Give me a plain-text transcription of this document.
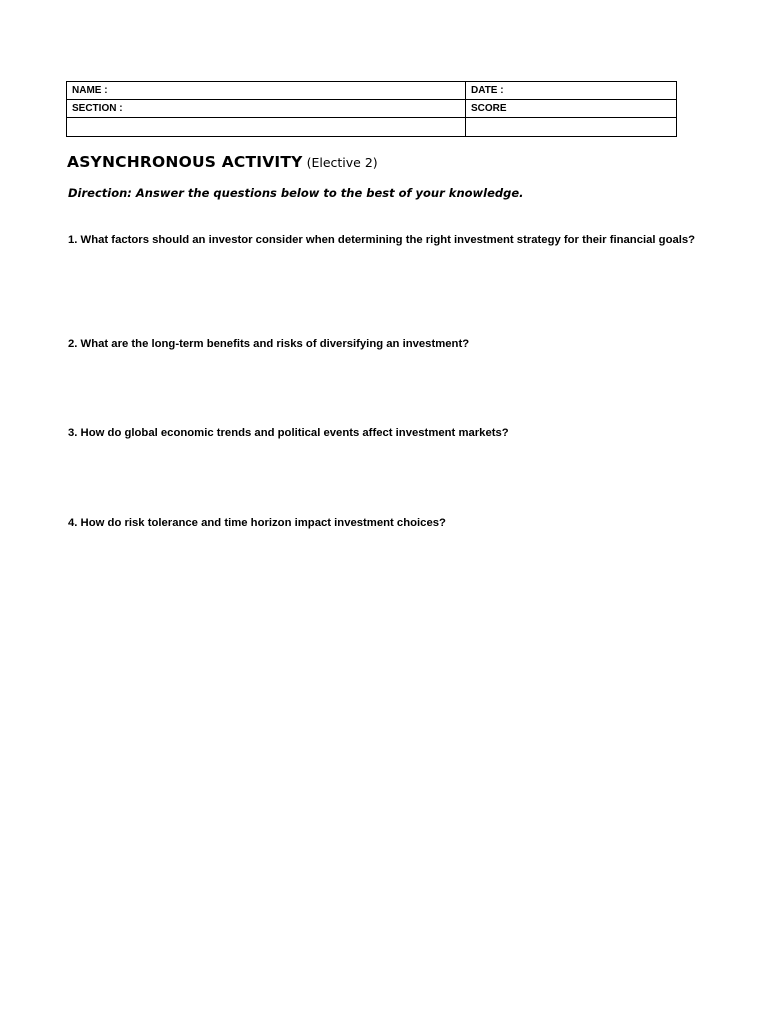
NAME :	DATE :
SECTION :	SCORE

ASYNCHRONOUS ACTIVITY (Elective 2)
Direction: Answer the questions below to the best of your knowledge.
1. What factors should an investor consider when determining the right investment strategy for their financial goals?
2. What are the long-term benefits and risks of diversifying an investment?
3. How do global economic trends and political events affect investment markets?
4. How do risk tolerance and time horizon impact investment choices?
